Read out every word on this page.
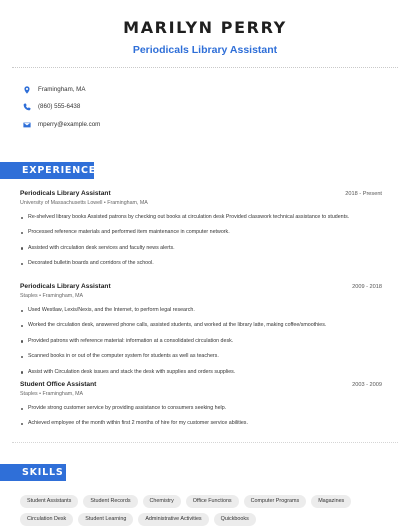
MARILYN PERRY
Periodicals Library Assistant
Framingham, MA
(860) 555-6438
mperry@example.com
EXPERIENCE
Periodicals Library Assistant	2018 - Present
University of Massachusetts Lowell • Framingham, MA
Re-shelved library books Assisted patrons by checking out books at circulation desk Provided classwork technical assistance to students.
Processed reference materials and performed item maintenance in computer network.
Assisted with circulation desk services and faculty news alerts.
Decorated bulletin boards and corridors of the school.
Periodicals Library Assistant	2009 - 2018
Staples • Framingham, MA
Used Westlaw, Lexis/Nexis, and the Internet, to perform legal research.
Worked the circulation desk, answered phone calls, assisted students, and worked at the library latte, making coffee/smoothies.
Provided patrons with reference material: information at a consolidated circulation desk.
Scanned books in or out of the computer system for students as well as teachers.
Assist with Circulation desk issues and stack the desk with supplies and orders supplies.
Student Office Assistant	2003 - 2009
Staples • Framingham, MA
Provide strong customer service by providing assistance to consumers seeking help.
Achieved employee of the month within first 2 months of hire for my customer service abilities.
SKILLS
Student Assistants	Student Records	Chemistry	Office Functions	Computer Programs	Magazines
Circulation Desk	Student Learning	Administrative Activities	Quickbooks
